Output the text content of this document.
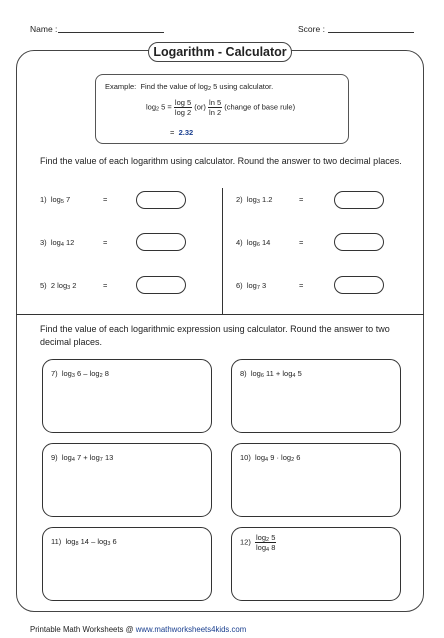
Name :	Score :
Logarithm - Calculator
Example: Find the value of $\log_2 5$ using calculator.
$\log_2 5 = \frac{\log 5}{\log 2} (or) \frac{\ln 5}{\ln 2}$ (change of base rule)
= 2.32
Find the value of each logarithm using calculator. Round the answer to two decimal places.
1) $\log_5 7$	=	2) $\log_3 1.2$	=
3) $\log_4 12$	=	4) $\log_6 14$	=
5) 2 $\log_3 2$	=	6) $\log_7 3$	=
Find the value of each logarithmic expression using calculator. Round the answer to two decimal places.
7) $\log_3 6 - \log_2 8$	8) $\log_6 11 + \log_4 5$
9) $\log_4 7 + \log_7 13$	10) $\log_4 9 \cdot \log_2 6$
11) $\log_8 14 - \log_3 6$	$12) \frac{\log_2 5}{\log_4 8}$
Printable Math Worksheets @ www.mathworksheets4kids.com
